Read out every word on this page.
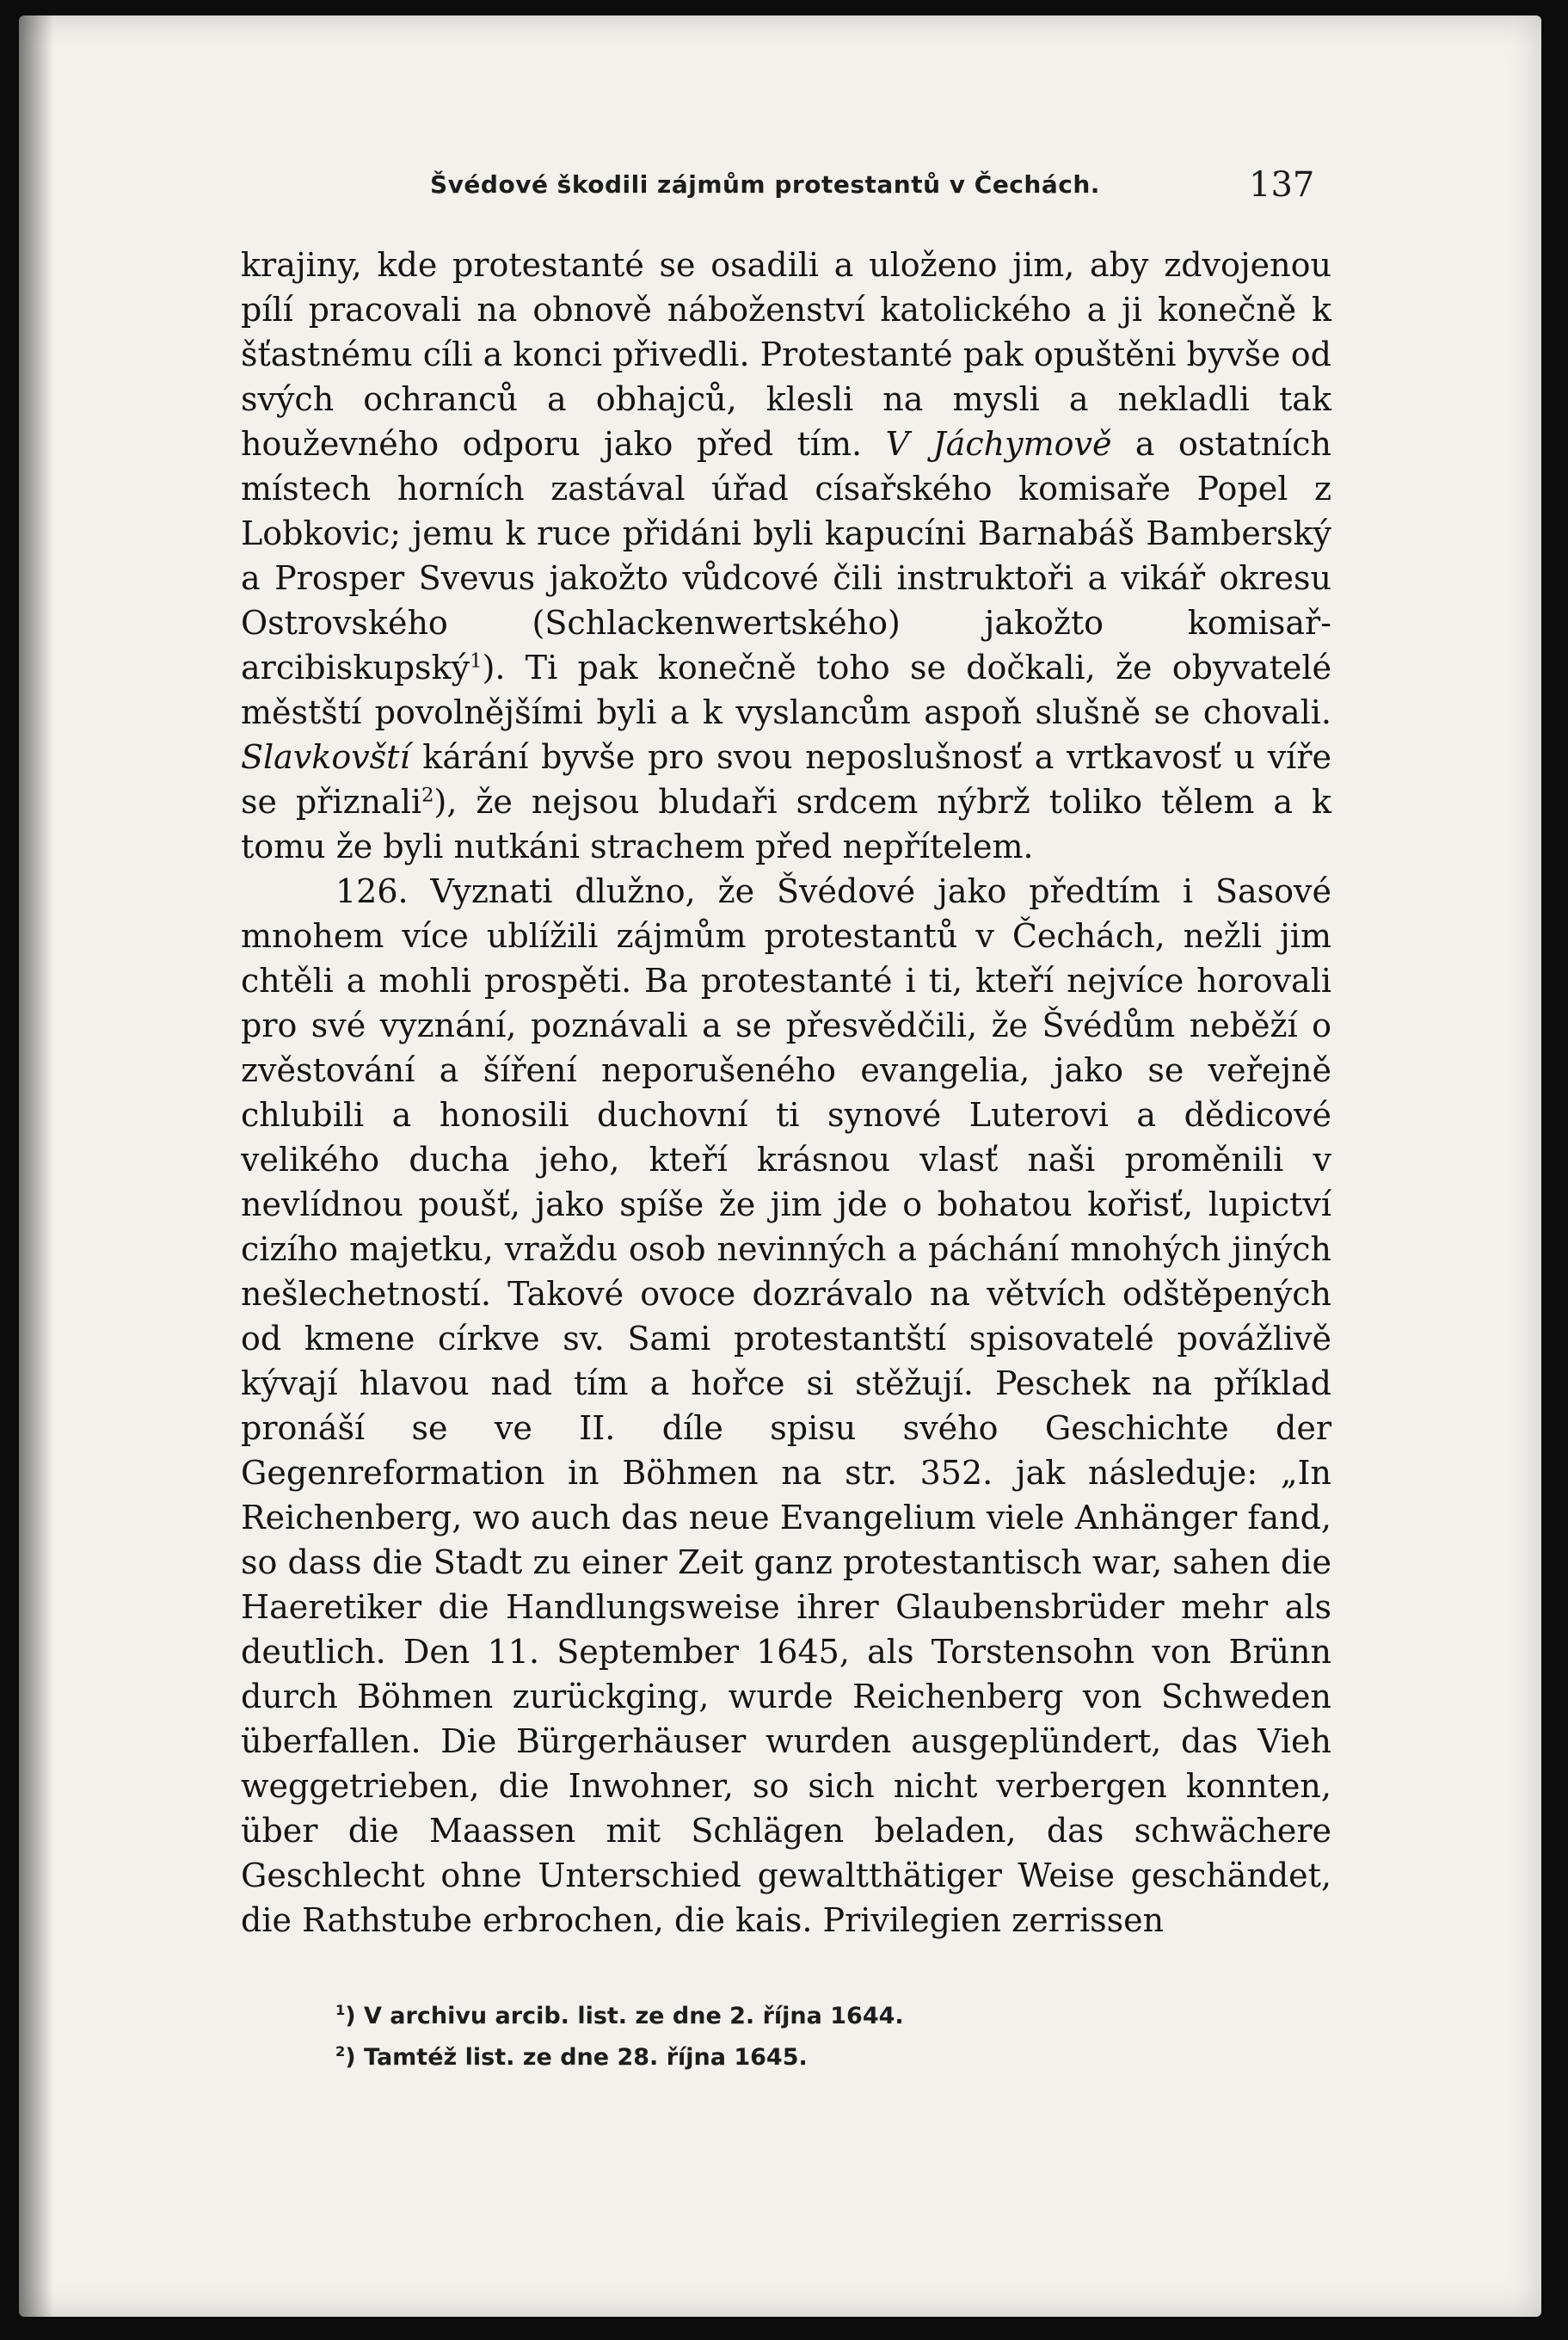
Švédové škodili zájmům protestantů v Čechách.	137

krajiny, kde protestanté se osadili a uloženo jim, aby zdvojenou pílí pracovali na obnově náboženství katolického a ji konečně k šťastnému cíli a konci přivedli. Protestanté pak opuštěni byvše od svých ochranců a obhajců, klesli na mysli a nekladli tak houževného odporu jako před tím. V Jáchymově a ostatních místech horních zastával úřad císařského komisaře Popel z Lobkovic; jemu k ruce přidáni byli kapucíni Barnabáš Bamberský a Prosper Svevus jakožto vůdcové čili instruktoři a vikář okresu Ostrovského (Schlackenwertského) jakožto komisař-arcibiskupský$^1$). Ti pak konečně toho se dočkali, že obyvatelé městští povolnějšími byli a k vyslancům aspoň slušně se chovali. Slavkovští kárání byvše pro svou neposlušnosť a vrtkavosť u víře se přiznali$^2$), že nejsou bludaři srdcem nýbrž toliko tělem a k tomu že byli nutkáni strachem před nepřítelem.

126. Vyznati dlužno, že Švédové jako předtím i Sasové mnohem více ublížili zájmům protestantů v Čechách, nežli jim chtěli a mohli prospěti. Ba protestanté i ti, kteří nejvíce horovali pro své vyznání, poznávali a se přesvědčili, že Švédům neběží o zvěstování a šíření neporušeného evangelia, jako se veřejně chlubili a honosili duchovní ti synové Luterovi a dědicové velikého ducha jeho, kteří krásnou vlasť naši proměnili v nevlídnou poušť, jako spíše že jim jde o bohatou kořisť, lupictví cizího majetku, vraždu osob nevinných a páchání mnohých jiných nešlechetností. Takové ovoce dozrávalo na větvích odštěpených od kmene církve sv. Sami protestantští spisovatelé povážlivě kývají hlavou nad tím a hořce si stěžují. Peschek na příklad pronáší se ve II. díle spisu svého Geschichte der Gegenreformation in Böhmen na str. 352. jak následuje: „In Reichenberg, wo auch das neue Evangelium viele Anhänger fand, so dass die Stadt zu einer Zeit ganz protestantisch war, sahen die Haeretiker die Handlungsweise ihrer Glaubensbrüder mehr als deutlich. Den 11. September 1645, als Torstensohn von Brünn durch Böhmen zurückging, wurde Reichenberg von Schweden überfallen. Die Bürgerhäuser wurden ausgeplündert, das Vieh weggetrieben, die Inwohner, so sich nicht verbergen konnten, über die Maassen mit Schlägen beladen, das schwächere Geschlecht ohne Unterschied gewaltthätiger Weise geschändet, die Rathstube erbrochen, die kais. Privilegien zerrissen

$^1$) V archivu arcib. list. ze dne 2. října 1644.
$^2$) Tamtéž list. ze dne 28. října 1645.
